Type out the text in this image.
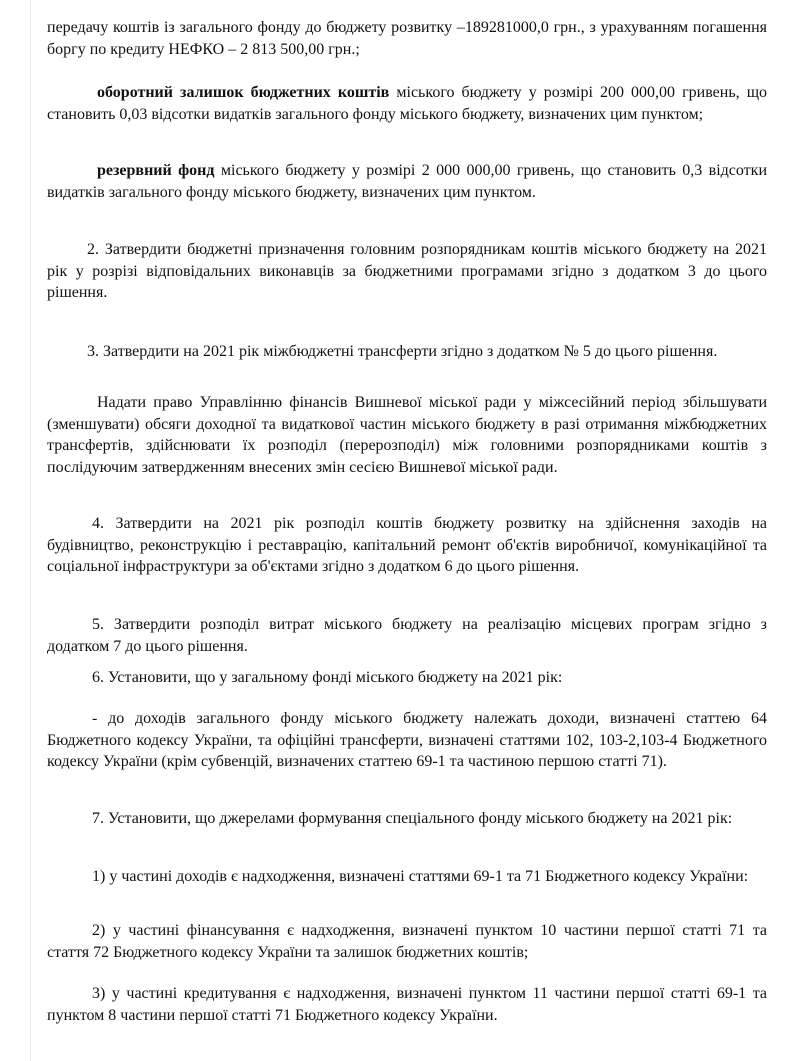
передачу коштів із загального фонду до бюджету розвитку –189281000,0 грн., з урахуванням погашення боргу по кредиту НЕФКО – 2 813 500,00 грн.;

оборотний залишок бюджетних коштів міського бюджету у розмірі 200 000,00 гривень, що становить 0,03 відсотки видатків загального фонду міського бюджету, визначених цим пунктом;

резервний фонд міського бюджету у розмірі 2 000 000,00 гривень, що становить 0,3 відсотки видатків загального фонду міського бюджету, визначених цим пунктом.

2. Затвердити бюджетні призначення головним розпорядникам коштів міського бюджету на 2021 рік у розрізі відповідальних виконавців за бюджетними програмами згідно з додатком 3 до цього рішення.

3. Затвердити на 2021 рік міжбюджетні трансферти згідно з додатком № 5 до цього рішення.

Надати право Управлінню фінансів Вишневої міської ради у міжсесійний період збільшувати (зменшувати) обсяги доходної та видаткової частин міського бюджету в разі отримання міжбюджетних трансфертів, здійснювати їх розподіл (перерозподіл) між головними розпорядниками коштів з послідуючим затвердженням внесених змін сесією Вишневої міської ради.

4. Затвердити на 2021 рік розподіл коштів бюджету розвитку на здійснення заходів на будівництво, реконструкцію і реставрацію, капітальний ремонт об'єктів виробничої, комунікаційної та соціальної інфраструктури за об'єктами згідно з додатком 6 до цього рішення.

5. Затвердити розподіл витрат міського бюджету на реалізацію місцевих програм згідно з додатком 7 до цього рішення.

6. Установити, що у загальному фонді міського бюджету на 2021 рік:

- до доходів загального фонду міського бюджету належать доходи, визначені статтею 64 Бюджетного кодексу України, та офіційні трансферти, визначені статтями 102, 103-2,103-4 Бюджетного кодексу України (крім субвенцій, визначених статтею 69-1 та частиною першою статті 71).

7. Установити, що джерелами формування спеціального фонду міського бюджету на 2021 рік:

1) у частині доходів є надходження, визначені статтями 69-1 та 71 Бюджетного кодексу України:

2) у частині фінансування є надходження, визначені пунктом 10 частини першої статті 71 та стаття 72 Бюджетного кодексу України та залишок бюджетних коштів;

3) у частині кредитування є надходження, визначені пунктом 11 частини першої статті 69-1 та пунктом 8 частини першої статті 71 Бюджетного кодексу України.
